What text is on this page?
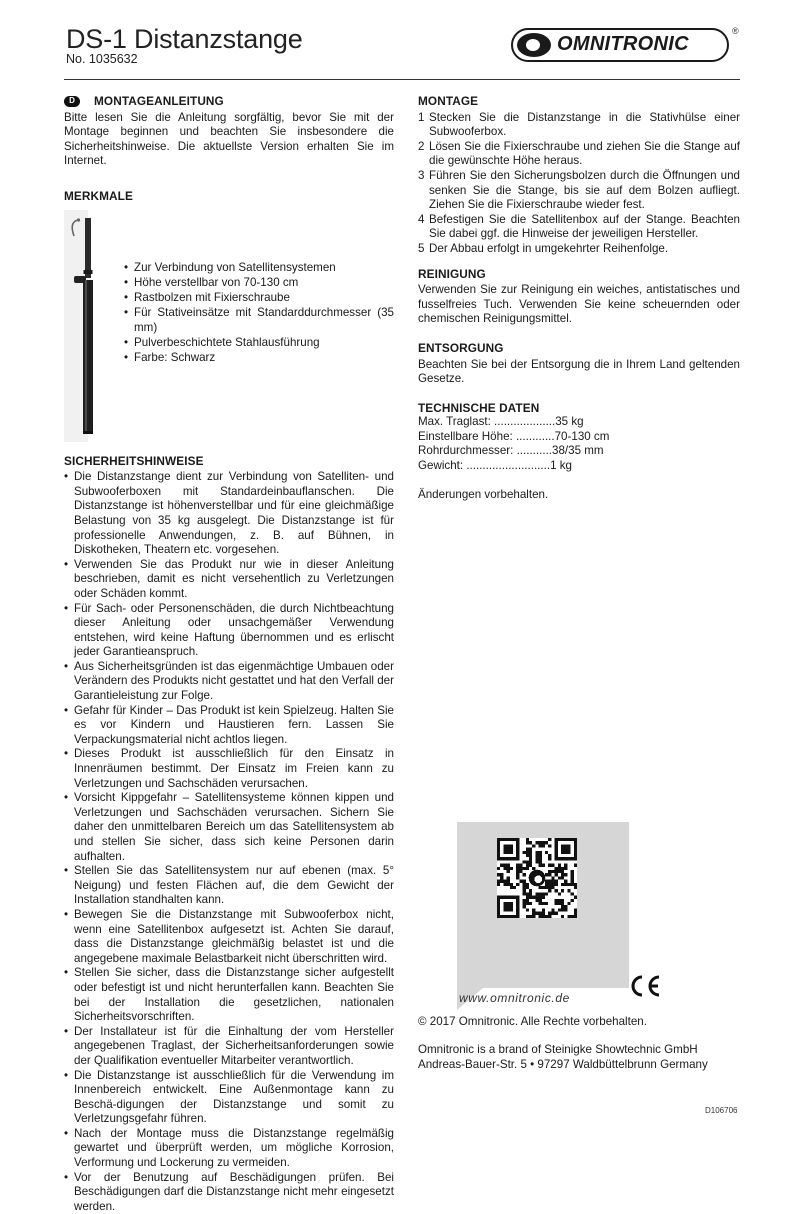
DS-1 Distanzstange
No. 1035632
OMNITRONIC
®
D	MONTAGEANLEITUNG

Bitte lesen Sie die Anleitung sorgfältig, bevor Sie mit der Montage beginnen und beachten Sie insbesondere die Sicherheitshinweise. Die aktuellste Version erhalten Sie im Internet.

MERKMALE
• Zur Verbindung von Satellitensystemen
• Höhe verstellbar von 70-130 cm
• Rastbolzen mit Fixierschraube
• Für Stativeinsätze mit Standarddurchmesser (35 mm)
• Pulverbeschichtete Stahlausführung
• Farbe: Schwarz
SICHERHEITSHINWEISE
• Die Distanzstange dient zur Verbindung von Satelliten- und Subwooferboxen mit Standardeinbauflanschen. Die Distanzstange ist höhenverstellbar und für eine gleichmäßige Belastung von 35 kg ausgelegt. Die Distanzstange ist für professionelle Anwendungen, z. B. auf Bühnen, in Diskotheken, Theatern etc. vorgesehen.
• Verwenden Sie das Produkt nur wie in dieser Anleitung beschrieben, damit es nicht versehentlich zu Verletzungen oder Schäden kommt.
• Für Sach- oder Personenschäden, die durch Nichtbeachtung dieser Anleitung oder unsachgemäßer Verwendung entstehen, wird keine Haftung übernommen und es erlischt jeder Garantieanspruch.
• Aus Sicherheitsgründen ist das eigenmächtige Umbauen oder Verändern des Produkts nicht gestattet und hat den Verfall der Garantieleistung zur Folge.
• Gefahr für Kinder – Das Produkt ist kein Spielzeug. Halten Sie es vor Kindern und Haustieren fern. Lassen Sie Verpackungsmaterial nicht achtlos liegen.
• Dieses Produkt ist ausschließlich für den Einsatz in Innenräumen bestimmt. Der Einsatz im Freien kann zu Verletzungen und Sachschäden verursachen.
• Vorsicht Kippgefahr – Satellitensysteme können kippen und Verletzungen und Sachschäden verursachen. Sichern Sie daher den unmittelbaren Bereich um das Satellitensystem ab und stellen Sie sicher, dass sich keine Personen darin aufhalten.
• Stellen Sie das Satellitensystem nur auf ebenen (max. 5° Neigung) und festen Flächen auf, die dem Gewicht der Installation standhalten kann.
• Bewegen Sie die Distanzstange mit Subwooferbox nicht, wenn eine Satellitenbox aufgesetzt ist. Achten Sie darauf, dass die Distanzstange gleichmäßig belastet ist und die angegebene maximale Belastbarkeit nicht überschritten wird.
• Stellen Sie sicher, dass die Distanzstange sicher aufgestellt oder befestigt ist und nicht herunterfallen kann. Beachten Sie bei der Installation die gesetzlichen, nationalen Sicherheitsvorschriften.
• Der Installateur ist für die Einhaltung der vom Hersteller angegebenen Traglast, der Sicherheitsanforderungen sowie der Qualifikation eventueller Mitarbeiter verantwortlich.
• Die Distanzstange ist ausschließlich für die Verwendung im Innenbereich entwickelt. Eine Außenmontage kann zu Beschä-digungen der Distanzstange und somit zu Verletzungsgefahr führen.
• Nach der Montage muss die Distanzstange regelmäßig gewartet und überprüft werden, um mögliche Korrosion, Verformung und Lockerung zu vermeiden.
• Vor der Benutzung auf Beschädigungen prüfen. Bei Beschädigungen darf die Distanzstange nicht mehr eingesetzt werden.
MONTAGE
1 Stecken Sie die Distanzstange in die Stativhülse einer Subwooferbox.
2 Lösen Sie die Fixierschraube und ziehen Sie die Stange auf die gewünschte Höhe heraus.
3 Führen Sie den Sicherungsbolzen durch die Öffnungen und senken Sie die Stange, bis sie auf dem Bolzen aufliegt. Ziehen Sie die Fixierschraube wieder fest.
4 Befestigen Sie die Satellitenbox auf der Stange. Beachten Sie dabei ggf. die Hinweise der jeweiligen Hersteller.
5 Der Abbau erfolgt in umgekehrter Reihenfolge.
REINIGUNG

Verwenden Sie zur Reinigung ein weiches, antistatisches und fusselfreies Tuch. Verwenden Sie keine scheuernden oder chemischen Reinigungsmittel.

ENTSORGUNG

Beachten Sie bei der Entsorgung die in Ihrem Land geltenden Gesetze.

TECHNISCHE DATEN
Max. Traglast: ...................35 kg
Einstellbare Höhe: ............70-130 cm
Rohrdurchmesser: ...........38/35 mm
Gewicht: ..........................1 kg

Änderungen vorbehalten.

www.omnitronic.de
© 2017 Omnitronic. Alle Rechte vorbehalten.
Omnitronic is a brand of Steinigke Showtechnic GmbH
Andreas-Bauer-Str. 5 • 97297 Waldbüttelbrunn Germany
D106706
